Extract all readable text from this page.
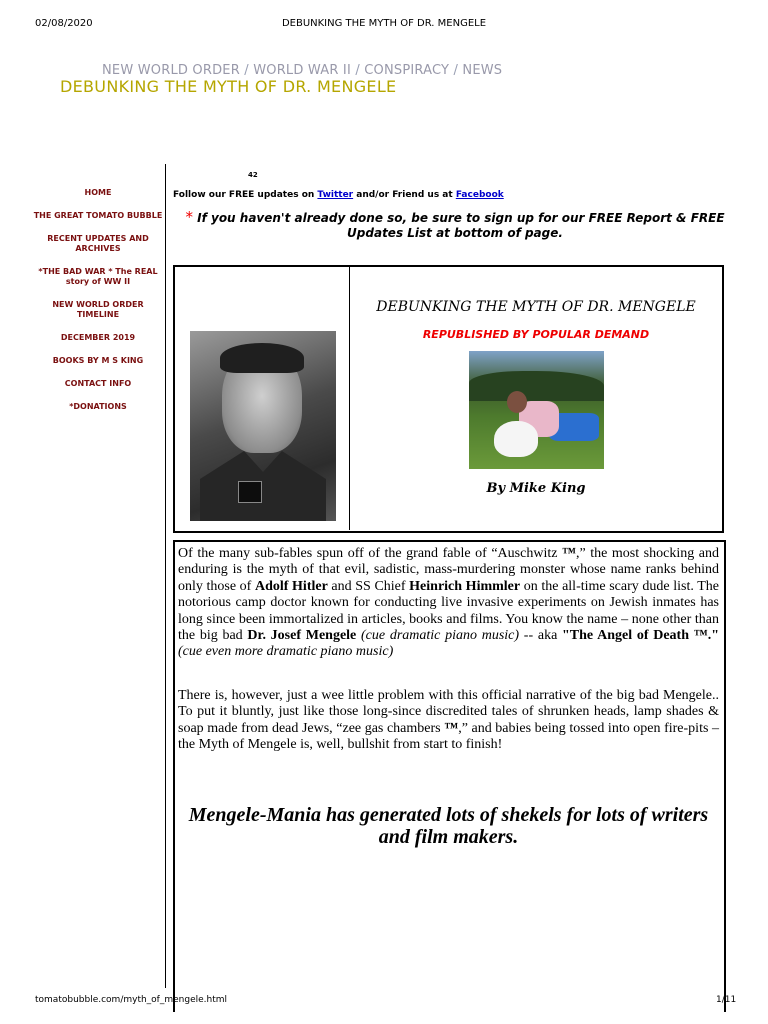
02/08/2020	DEBUNKING THE MYTH OF DR. MENGELE
NEW WORLD ORDER / WORLD WAR II / CONSPIRACY / NEWS
DEBUNKING THE MYTH OF DR. MENGELE
HOME
THE GREAT TOMATO BUBBLE
RECENT UPDATES AND ARCHIVES
*THE BAD WAR * The REAL story of WW II
NEW WORLD ORDER TIMELINE
DECEMBER 2019
BOOKS BY M S KING
CONTACT INFO
*DONATIONS
42
Follow our FREE updates on Twitter and/or Friend us at Facebook
* If you haven't already done so, be sure to sign up for our FREE Report & FREE Updates List at bottom of page.
DEBUNKING THE MYTH OF DR. MENGELE
REPUBLISHED BY POPULAR DEMAND
By Mike King

Of the many sub-fables spun off of the grand fable of “Auschwitz ™,” the most shocking and enduring is the myth of that evil, sadistic, mass-murdering monster whose name ranks behind only those of Adolf Hitler and SS Chief Heinrich Himmler on the all-time scary dude list. The notorious camp doctor known for conducting live invasive experiments on Jewish inmates has long since been immortalized in articles, books and films. You know the name – none other than the big bad Dr. Josef Mengele (cue dramatic piano music) -- aka "The Angel of Death ™." (cue even more dramatic piano music)

There is, however, just a wee little problem with this official narrative of the big bad Mengele.. To put it bluntly, just like those long-since discredited tales of shrunken heads, lamp shades & soap made from dead Jews, “zee gas chambers ™,” and babies being tossed into open fire-pits – the Myth of Mengele is, well, bullshit from start to finish!

Mengele-Mania has generated lots of shekels for lots of writers and film makers.
tomatobubble.com/myth_of_mengele.html	1/11
